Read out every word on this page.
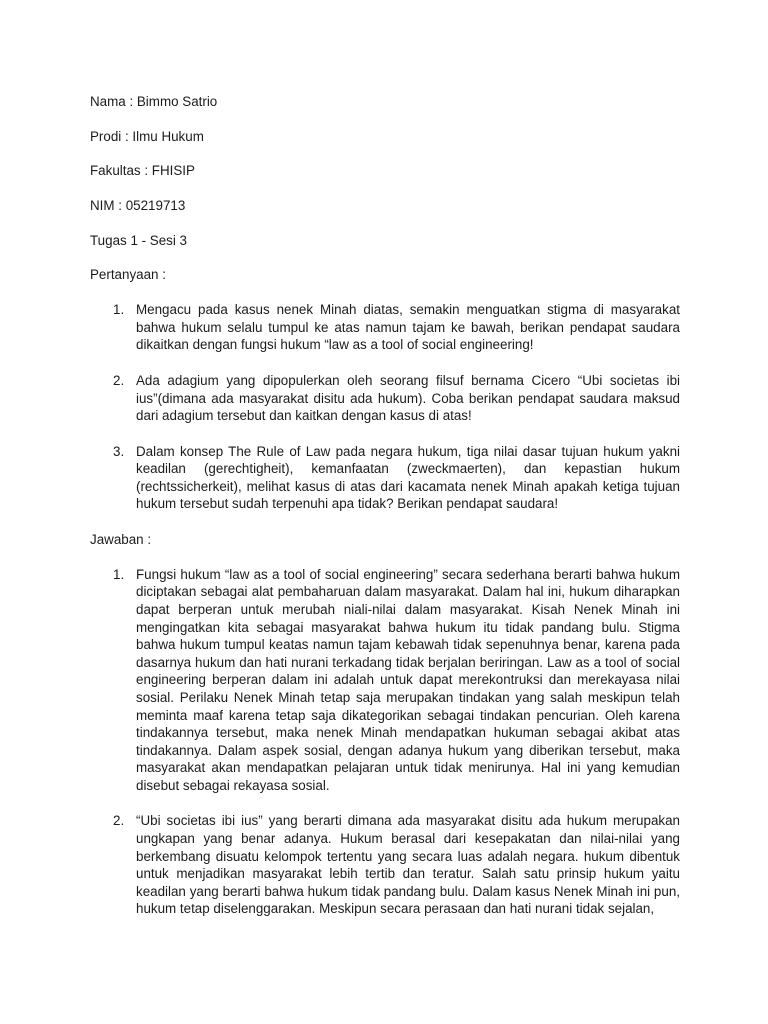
Nama : Bimmo Satrio
Prodi : Ilmu Hukum
Fakultas : FHISIP
NIM : 05219713
Tugas 1 - Sesi 3
Pertanyaan :
1. Mengacu pada kasus nenek Minah diatas, semakin menguatkan stigma di masyarakat bahwa hukum selalu tumpul ke atas namun tajam ke bawah, berikan pendapat saudara dikaitkan dengan fungsi hukum “law as a tool of social engineering!
2. Ada adagium yang dipopulerkan oleh seorang filsuf bernama Cicero “Ubi societas ibi ius”(dimana ada masyarakat disitu ada hukum). Coba berikan pendapat saudara maksud dari adagium tersebut dan kaitkan dengan kasus di atas!
3. Dalam konsep The Rule of Law pada negara hukum, tiga nilai dasar tujuan hukum yakni keadilan (gerechtigheit), kemanfaatan (zweckmaerten), dan kepastian hukum (rechtssicherkeit), melihat kasus di atas dari kacamata nenek Minah apakah ketiga tujuan hukum tersebut sudah terpenuhi apa tidak? Berikan pendapat saudara!
Jawaban :
1. Fungsi hukum “law as a tool of social engineering” secara sederhana berarti bahwa hukum diciptakan sebagai alat pembaharuan dalam masyarakat. Dalam hal ini, hukum diharapkan dapat berperan untuk merubah niali-nilai dalam masyarakat. Kisah Nenek Minah ini mengingatkan kita sebagai masyarakat bahwa hukum itu tidak pandang bulu. Stigma bahwa hukum tumpul keatas namun tajam kebawah tidak sepenuhnya benar, karena pada dasarnya hukum dan hati nurani terkadang tidak berjalan beriringan. Law as a tool of social engineering berperan dalam ini adalah untuk dapat merekontruksi dan merekayasa nilai sosial. Perilaku Nenek Minah tetap saja merupakan tindakan yang salah meskipun telah meminta maaf karena tetap saja dikategorikan sebagai tindakan pencurian. Oleh karena tindakannya tersebut, maka nenek Minah mendapatkan hukuman sebagai akibat atas tindakannya. Dalam aspek sosial, dengan adanya hukum yang diberikan tersebut, maka masyarakat akan mendapatkan pelajaran untuk tidak menirunya. Hal ini yang kemudian disebut sebagai rekayasa sosial.
2. “Ubi societas ibi ius” yang berarti dimana ada masyarakat disitu ada hukum merupakan ungkapan yang benar adanya. Hukum berasal dari kesepakatan dan nilai-nilai yang berkembang disuatu kelompok tertentu yang secara luas adalah negara. hukum dibentuk untuk menjadikan masyarakat lebih tertib dan teratur. Salah satu prinsip hukum yaitu keadilan yang berarti bahwa hukum tidak pandang bulu. Dalam kasus Nenek Minah ini pun, hukum tetap diselenggarakan. Meskipun secara perasaan dan hati nurani tidak sejalan,
